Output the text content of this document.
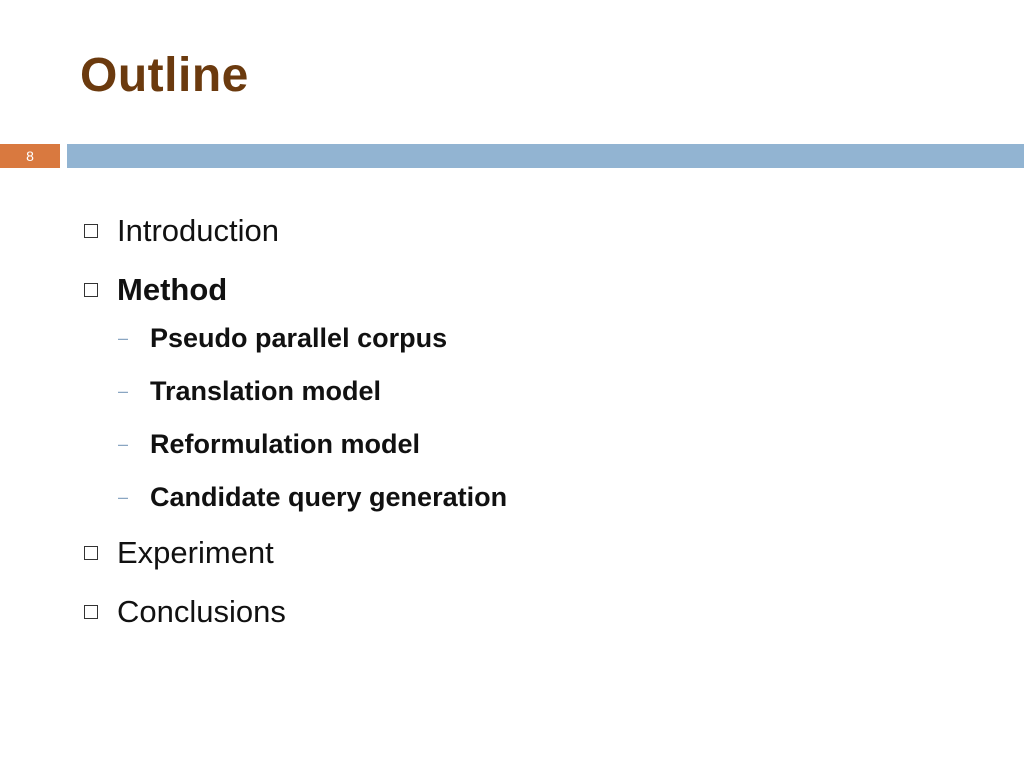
Outline
8
Introduction
Method
– Pseudo parallel corpus
– Translation model
– Reformulation model
– Candidate query generation
Experiment
Conclusions
